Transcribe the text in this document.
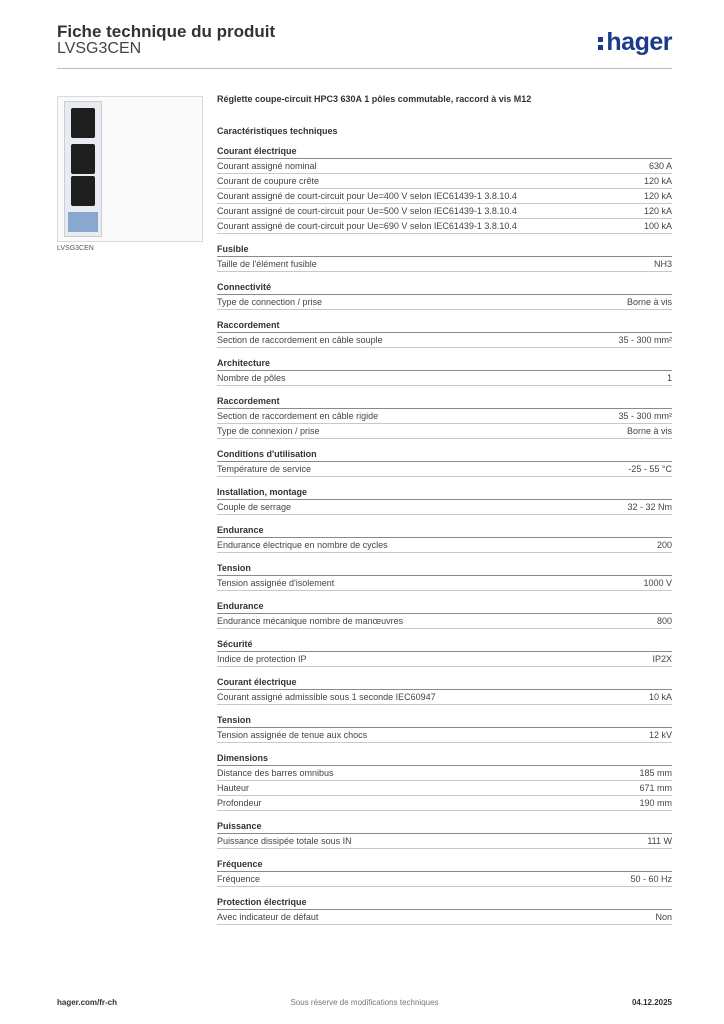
Fiche technique du produit
LVSG3CEN	hager
LVSG3CEN
Réglette coupe-circuit HPC3 630A 1 pôles commutable, raccord à vis M12
Caractéristiques techniques
Courant électrique
Courant assigné nominal	630 A
Courant de coupure crête	120 kA
Courant assigné de court-circuit pour Ue=400 V selon IEC61439-1 3.8.10.4	120 kA
Courant assigné de court-circuit pour Ue=500 V selon IEC61439-1 3.8.10.4	120 kA
Courant assigné de court-circuit pour Ue=690 V selon IEC61439-1 3.8.10.4	100 kA
Fusible
Taille de l'élément fusible	NH3
Connectivité
Type de connection / prise	Borne à vis
Raccordement
Section de raccordement en câble souple	35 - 300 mm²
Architecture
Nombre de pôles	1
Raccordement
Section de raccordement en câble rigide	35 - 300 mm²
Type de connexion / prise	Borne à vis
Conditions d'utilisation
Température de service	-25 - 55 °C
Installation, montage
Couple de serrage	32 - 32 Nm
Endurance
Endurance électrique en nombre de cycles	200
Tension
Tension assignée d'isolement	1000 V
Endurance
Endurance mécanique nombre de manœuvres	800
Sécurité
Indice de protection IP	IP2X
Courant électrique
Courant assigné admissible sous 1 seconde IEC60947	10 kA
Tension
Tension assignée de tenue aux chocs	12 kV
Dimensions
Distance des barres omnibus	185 mm
Hauteur	671 mm
Profondeur	190 mm
Puissance
Puissance dissipée totale sous IN	111 W
Fréquence
Fréquence	50 - 60 Hz
Protection électrique
Avec indicateur de défaut	Non
hager.com/fr-ch	Sous réserve de modifications techniques	04.12.2025
